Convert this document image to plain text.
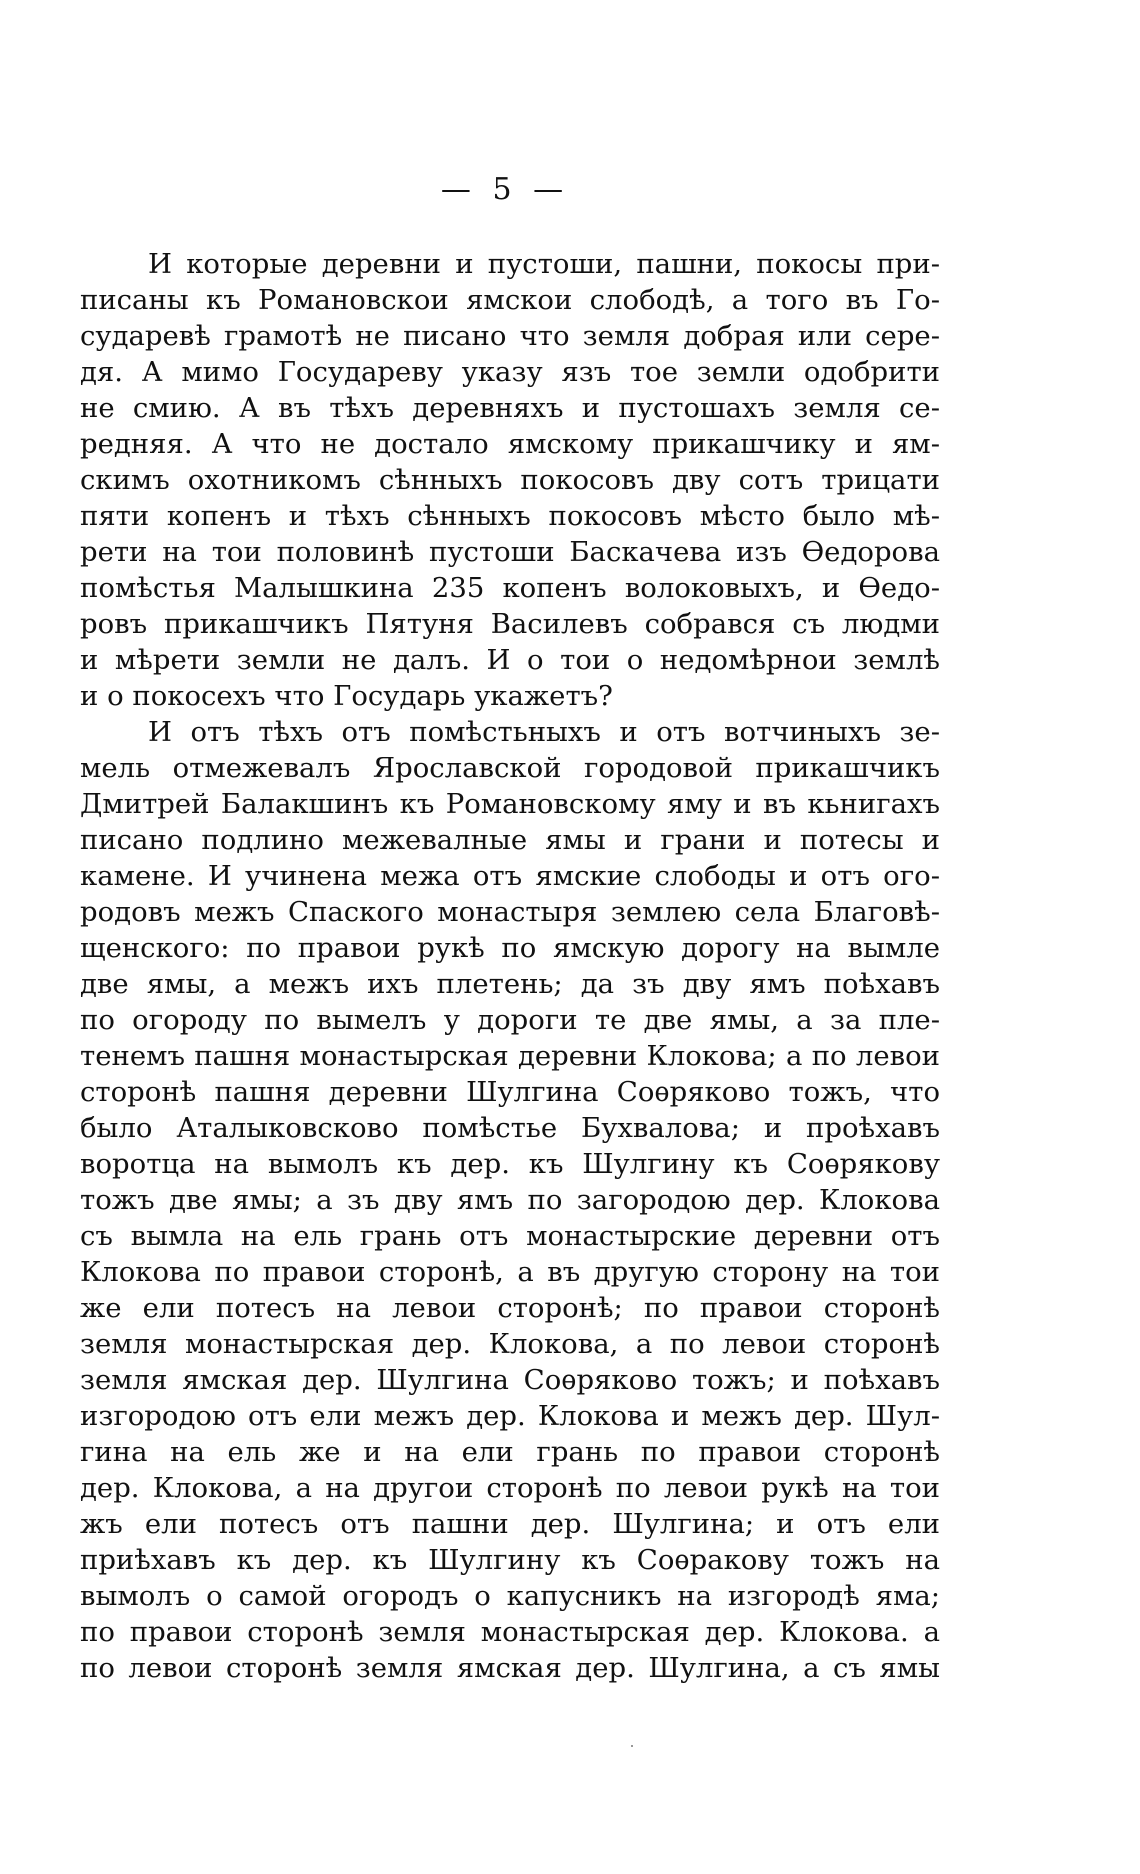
— 5 —
И которые деревни и пустоши, пашни, покосы при-
писаны къ Романовскои ямскои слободѣ, а того въ Го-
сударевѣ грамотѣ не писано что земля добрая или сере-
дя. А мимо Государеву указу язъ тое земли одобрити
не смию. А въ тѣхъ деревняхъ и пустошахъ земля се-
редняя. А что не достало ямскому прикашчику и ям-
скимъ охотникомъ сѣнныхъ покосовъ дву сотъ трицати
пяти копенъ и тѣхъ сѣнныхъ покосовъ мѣсто было мѣ-
рети на тои половинѣ пустоши Баскачева изъ Ѳедорова
помѣстья Малышкина 235 копенъ волоковыхъ, и Ѳедо-
ровъ прикашчикъ Пятуня Василевъ собрався съ людми
и мѣрети земли не далъ. И о тои о недомѣрнои землѣ
и о покосехъ что Государь укажетъ?
И отъ тѣхъ отъ помѣстьныхъ и отъ вотчиныхъ зе-
мель отмежевалъ Ярославской городовой прикашчикъ
Дмитрей Балакшинъ къ Романовскому яму и въ кьнигахъ
писано подлино межевалные ямы и грани и потесы и
камене. И учинена межа отъ ямские слободы и отъ ого-
родовъ межъ Спаского монастыря землею села Благовѣ-
щенского: по правои рукѣ по ямскую дорогу на вымле
две ямы, а межъ ихъ плетень; да зъ дву ямъ поѣхавъ
по огороду по вымелъ у дороги те две ямы, а за пле-
тенемъ пашня монастырская деревни Клокова; а по левои
сторонѣ пашня деревни Шулгина Соѳряково тожъ, что
было Аталыковсково помѣстье Бухвалова; и проѣхавъ
воротца на вымолъ къ дер. къ Шулгину къ Соѳрякову
тожъ две ямы; а зъ дву ямъ по загородою дер. Клокова
съ вымла на ель грань отъ монастырские деревни отъ
Клокова по правои сторонѣ, а въ другую сторону на тои
же ели потесъ на левои сторонѣ; по правои сторонѣ
земля монастырская дер. Клокова, а по левои сторонѣ
земля ямская дер. Шулгина Соѳряково тожъ; и поѣхавъ
изгородою отъ ели межъ дер. Клокова и межъ дер. Шул-
гина на ель же и на ели грань по правои сторонѣ
дер. Клокова, а на другои сторонѣ по левои рукѣ на тои
жъ ели потесъ отъ пашни дер. Шулгина; и отъ ели
приѣхавъ къ дер. къ Шулгину къ Соѳракову тожъ на
вымолъ о самой огородъ о капусникъ на изгородѣ яма;
по правои сторонѣ земля монастырская дер. Клокова. а
по левои сторонѣ земля ямская дер. Шулгина, а съ ямы
